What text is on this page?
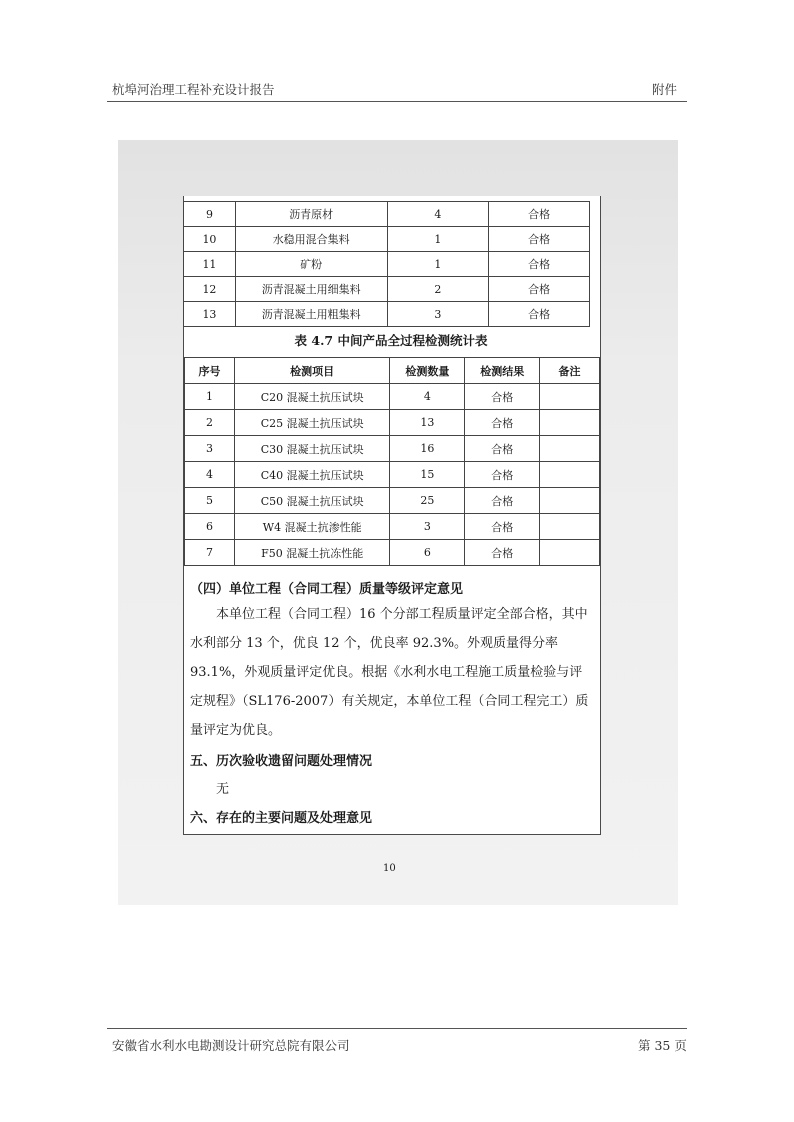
杭埠河治理工程补充设计报告	附件
9	沥青原材	4	合格
10	水稳用混合集料	1	合格
11	矿粉	1	合格
12	沥青混凝土用细集料	2	合格
13	沥青混凝土用粗集料	3	合格
表 4.7 中间产品全过程检测统计表
序号	检测项目	检测数量	检测结果	备注
1	C20 混凝土抗压试块	4	合格	
2	C25 混凝土抗压试块	13	合格	
3	C30 混凝土抗压试块	16	合格	
4	C40 混凝土抗压试块	15	合格	
5	C50 混凝土抗压试块	25	合格	
6	W4 混凝土抗渗性能	3	合格	
7	F50 混凝土抗冻性能	6	合格	
（四）单位工程（合同工程）质量等级评定意见
本单位工程（合同工程）16 个分部工程质量评定全部合格，其中水利部分 13 个，优良 12 个，优良率 92.3%。外观质量得分率 93.1%，外观质量评定优良。根据《水利水电工程施工质量检验与评定规程》（SL176-2007）有关规定，本单位工程（合同工程完工）质量评定为优良。
五、历次验收遗留问题处理情况
无
六、存在的主要问题及处理意见
10
安徽省水利水电勘测设计研究总院有限公司	第 35 页
